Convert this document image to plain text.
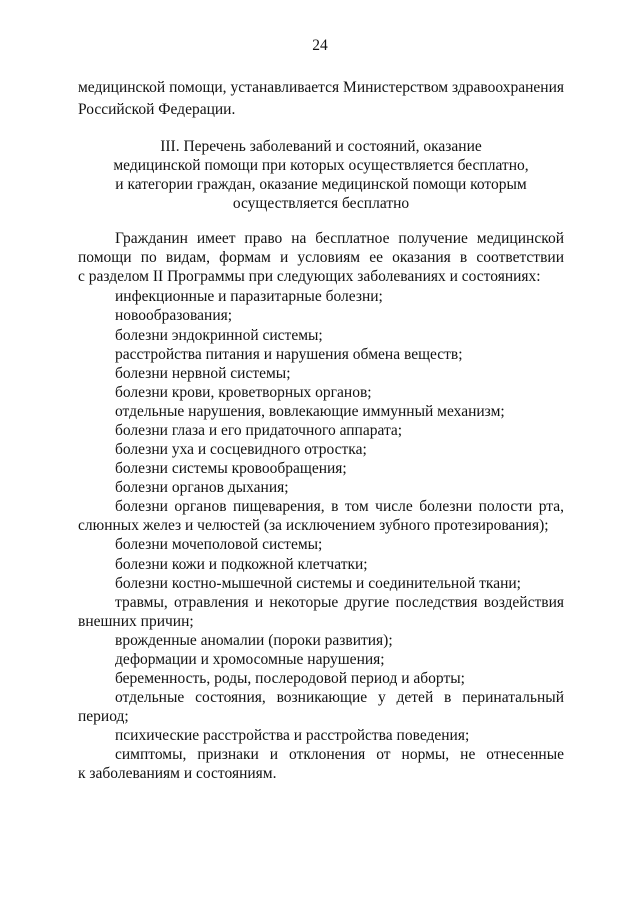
24
медицинской помощи, устанавливается Министерством здравоохранения
Российской Федерации.
III. Перечень заболеваний и состояний, оказание
медицинской помощи при которых осуществляется бесплатно,
и категории граждан, оказание медицинской помощи которым
осуществляется бесплатно
Гражданин имеет право на бесплатное получение медицинской
помощи по видам, формам и условиям ее оказания в соответствии
с разделом II Программы при следующих заболеваниях и состояниях:
инфекционные и паразитарные болезни;
новообразования;
болезни эндокринной системы;
расстройства питания и нарушения обмена веществ;
болезни нервной системы;
болезни крови, кроветворных органов;
отдельные нарушения, вовлекающие иммунный механизм;
болезни глаза и его придаточного аппарата;
болезни уха и сосцевидного отростка;
болезни системы кровообращения;
болезни органов дыхания;
болезни органов пищеварения, в том числе болезни полости рта,
слюнных желез и челюстей (за исключением зубного протезирования);
болезни мочеполовой системы;
болезни кожи и подкожной клетчатки;
болезни костно-мышечной системы и соединительной ткани;
травмы, отравления и некоторые другие последствия воздействия
внешних причин;
врожденные аномалии (пороки развития);
деформации и хромосомные нарушения;
беременность, роды, послеродовой период и аборты;
отдельные состояния, возникающие у детей в перинатальный
период;
психические расстройства и расстройства поведения;
симптомы, признаки и отклонения от нормы, не отнесенные
к заболеваниям и состояниям.
